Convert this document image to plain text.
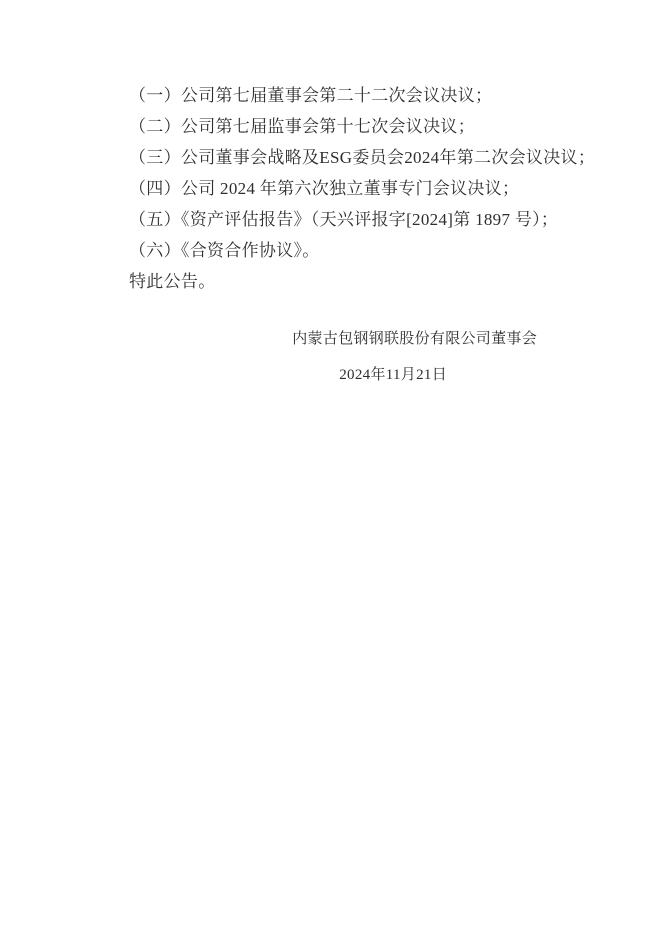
（一）公司第七届董事会第二十二次会议决议；

（二）公司第七届监事会第十七次会议决议；

（三）公司董事会战略及ESG委员会2024年第二次会议决议；

（四）公司 2024 年第六次独立董事专门会议决议；

（五）《资产评估报告》（天兴评报字[2024]第 1897 号）；

（六）《合资合作协议》。

特此公告。

内蒙古包钢钢联股份有限公司董事会

2024年11月21日
